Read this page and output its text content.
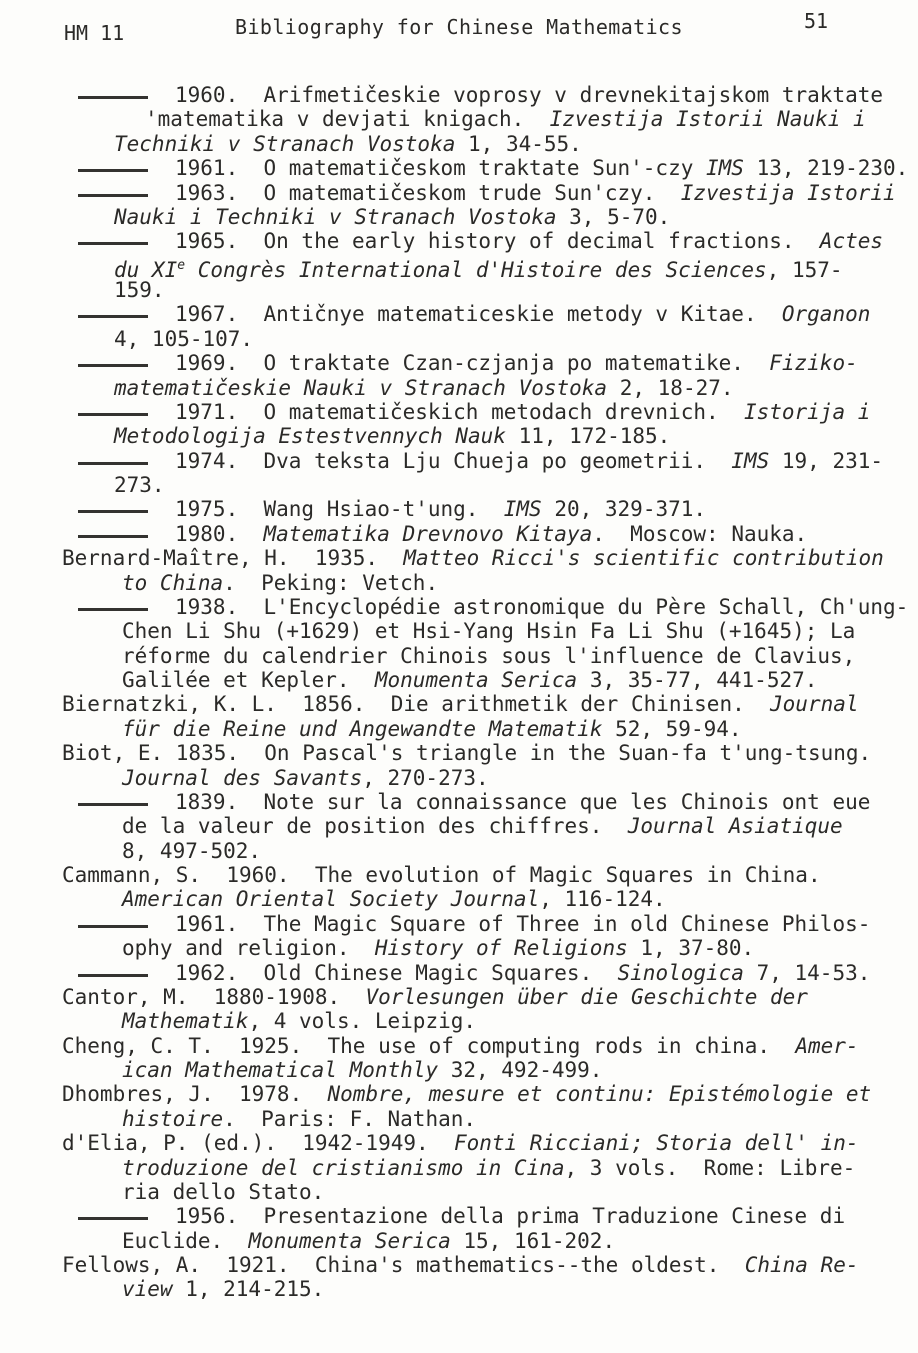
HM 11	Bibliography for Chinese Mathematics	51
1960.  Arifmetičeskie voprosy v drevnekitajskom traktate
'matematika v devjati knigach.  Izvestija Istorii Nauki i
Techniki v Stranach Vostoka 1, 34-55.
1961.  O matematičeskom traktate Sun'-czy IMS 13, 219-230.
1963.  O matematičeskom trude Sun'czy.  Izvestija Istorii
Nauki i Techniki v Stranach Vostoka 3, 5-70.
1965.  On the early history of decimal fractions.  Actes
du XIe Congrès International d'Histoire des Sciences, 157-
159.
1967.  Antičnye matematiceskie metody v Kitae.  Organon
4, 105-107.
1969.  O traktate Czan-czjanja po matematike.  Fiziko-
matematičeskie Nauki v Stranach Vostoka 2, 18-27.
1971.  O matematičeskich metodach drevnich.  Istorija i
Metodologija Estestvennych Nauk 11, 172-185.
1974.  Dva teksta Lju Chueja po geometrii.  IMS 19, 231-
273.
1975.  Wang Hsiao-t'ung.  IMS 20, 329-371.
1980.  Matematika Drevnovo Kitaya.  Moscow: Nauka.
Bernard-Maître, H.  1935.  Matteo Ricci's scientific contribution
to China.  Peking: Vetch.
1938.  L'Encyclopédie astronomique du Père Schall, Ch'ung-
Chen Li Shu (+1629) et Hsi-Yang Hsin Fa Li Shu (+1645); La
réforme du calendrier Chinois sous l'influence de Clavius,
Galilée et Kepler.  Monumenta Serica 3, 35-77, 441-527.
Biernatzki, K. L.  1856.  Die arithmetik der Chinisen.  Journal
für die Reine und Angewandte Matematik 52, 59-94.
Biot, E. 1835.  On Pascal's triangle in the Suan-fa t'ung-tsung.
Journal des Savants, 270-273.
1839.  Note sur la connaissance que les Chinois ont eue
de la valeur de position des chiffres.  Journal Asiatique
8, 497-502.
Cammann, S.  1960.  The evolution of Magic Squares in China.
American Oriental Society Journal, 116-124.
1961.  The Magic Square of Three in old Chinese Philos-
ophy and religion.  History of Religions 1, 37-80.
1962.  Old Chinese Magic Squares.  Sinologica 7, 14-53.
Cantor, M.  1880-1908.  Vorlesungen über die Geschichte der
Mathematik, 4 vols. Leipzig.
Cheng, C. T.  1925.  The use of computing rods in china.  Amer-
ican Mathematical Monthly 32, 492-499.
Dhombres, J.  1978.  Nombre, mesure et continu: Epistémologie et
histoire.  Paris: F. Nathan.
d'Elia, P. (ed.).  1942-1949.  Fonti Ricciani; Storia dell' in-
troduzione del cristianismo in Cina, 3 vols.  Rome: Libre-
ria dello Stato.
1956.  Presentazione della prima Traduzione Cinese di
Euclide.  Monumenta Serica 15, 161-202.
Fellows, A.  1921.  China's mathematics--the oldest.  China Re-
view 1, 214-215.
